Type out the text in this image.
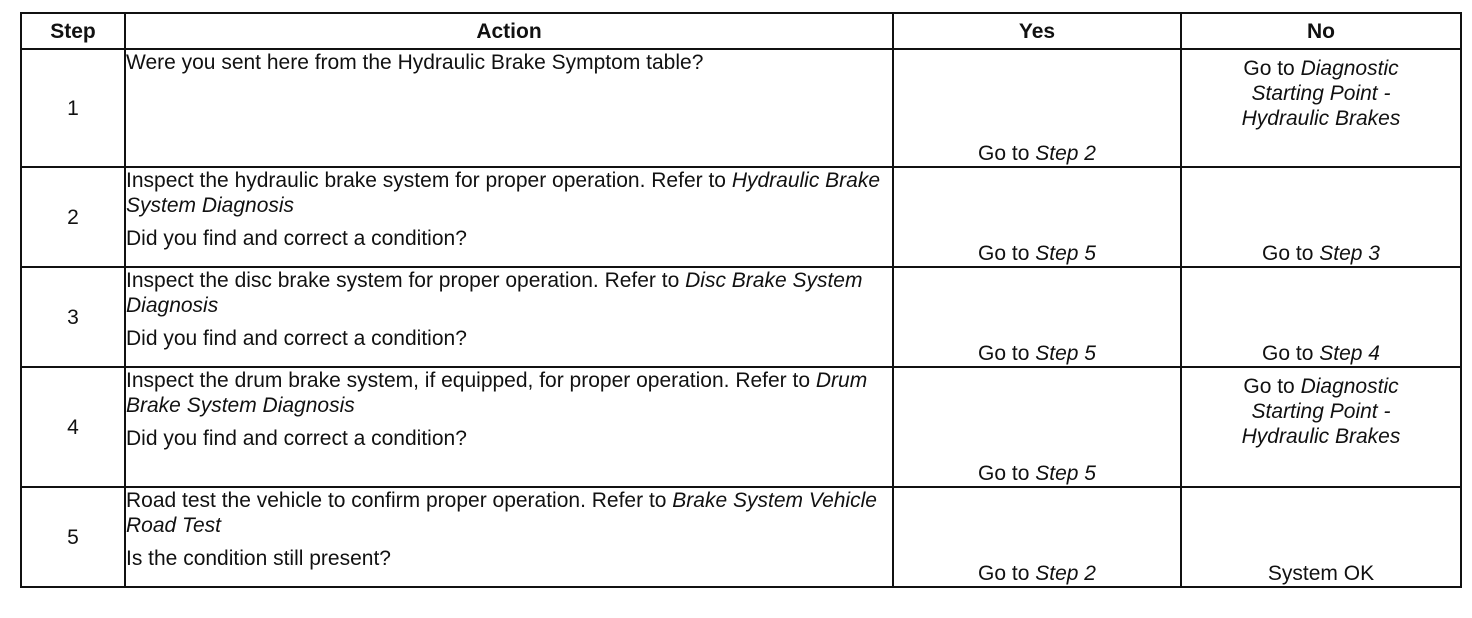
Step	Action	Yes	No
1	Were you sent here from the Hydraulic Brake Symptom table?	Go to Step 2	Go to Diagnostic
Starting Point -
Hydraulic Brakes

2	Inspect the hydraulic brake system for proper operation. Refer to Hydraulic Brake System Diagnosis
Did you find and correct a condition?	Go to Step 5	Go to Step 3
3	Inspect the disc brake system for proper operation. Refer to Disc Brake System Diagnosis
Did you find and correct a condition?	Go to Step 5	Go to Step 4
4	Inspect the drum brake system, if equipped, for proper operation. Refer to Drum Brake System Diagnosis
Did you find and correct a condition?	Go to Step 5	Go to Diagnostic
Starting Point -
Hydraulic Brakes

5	Road test the vehicle to confirm proper operation. Refer to Brake System Vehicle Road Test
Is the condition still present?	Go to Step 2	System OK
